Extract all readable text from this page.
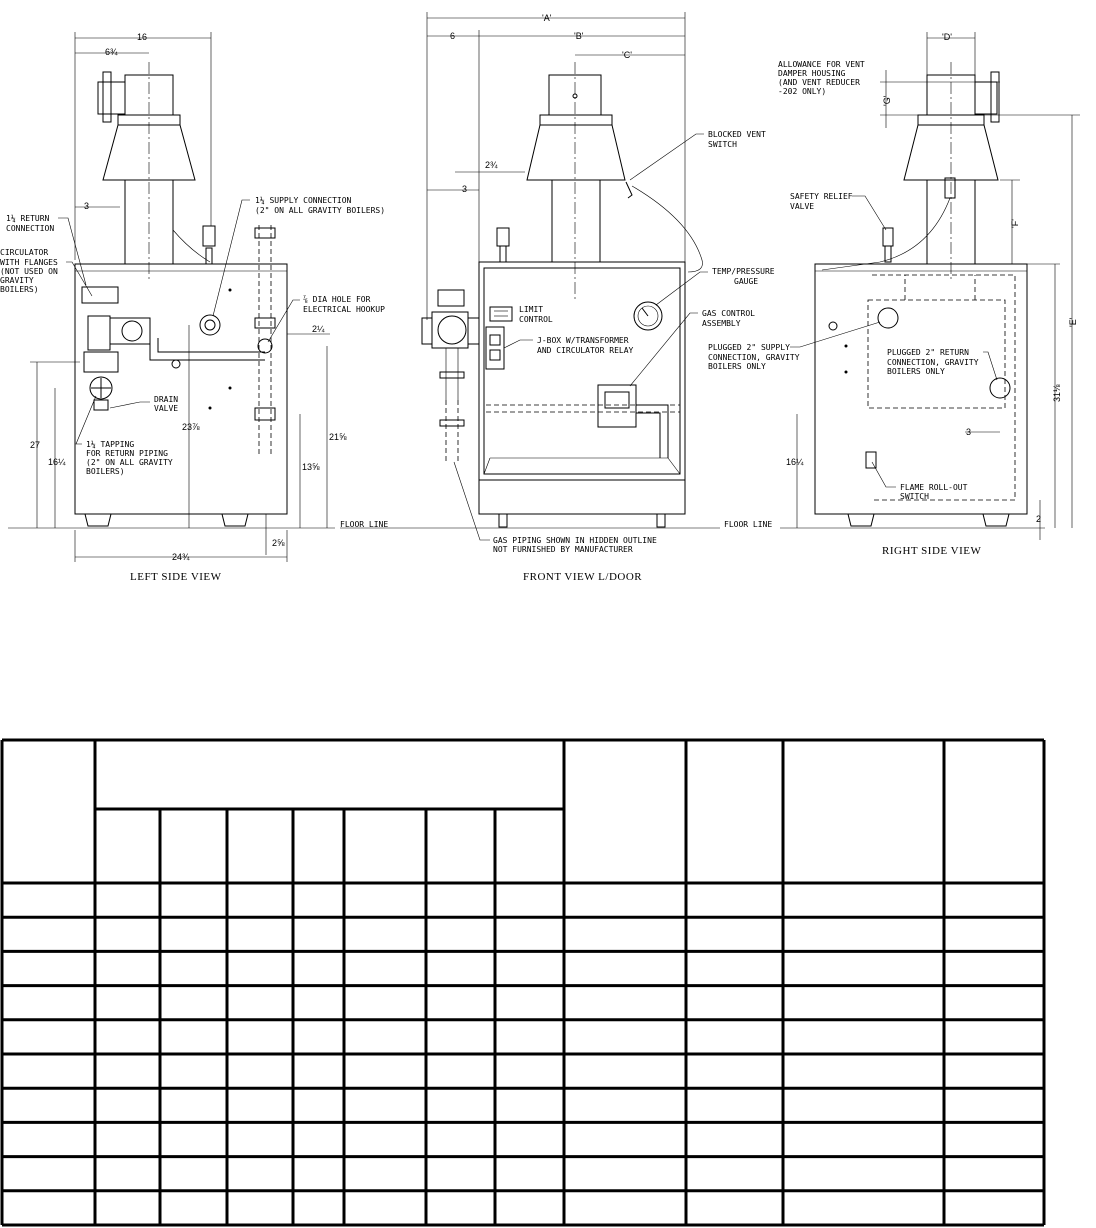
16
6¾
3
2¼
27
16¼
23⅞
13⅝
21⅝
2⅝
24¾
1¼ RETURN
CONNECTION
CIRCULATOR
WITH FLANGES
(NOT USED ON
GRAVITY
BOILERS)
1¼ SUPPLY CONNECTION
(2" ON ALL GRAVITY BOILERS)
⅞ DIA HOLE FOR
ELECTRICAL HOOKUP
DRAIN
VALVE
1¼ TAPPING
FOR RETURN PIPING
(2" ON ALL GRAVITY
BOILERS)
FLOOR LINE
LEFT SIDE VIEW
'A'
'B'
6
'C'
2¾
3
BLOCKED VENT
SWITCH
TEMP/PRESSURE
GAUGE
LIMIT
CONTROL
GAS CONTROL
ASSEMBLY
J-BOX W/TRANSFORMER
AND CIRCULATOR RELAY
GAS PIPING SHOWN IN HIDDEN OUTLINE
NOT FURNISHED BY MANUFACTURER
FLOOR LINE
FRONT VIEW L/DOOR
'D'
'G'
'F'
'E'
31⅛
3
16¼
2
ALLOWANCE FOR VENT
DAMPER HOUSING
(AND VENT REDUCER
-202 ONLY)
SAFETY RELIEF
VALVE
PLUGGED 2" SUPPLY
CONNECTION, GRAVITY
BOILERS ONLY
PLUGGED 2" RETURN
CONNECTION, GRAVITY
BOILERS ONLY
FLAME ROLL-OUT
SWITCH
RIGHT SIDE VIEW
